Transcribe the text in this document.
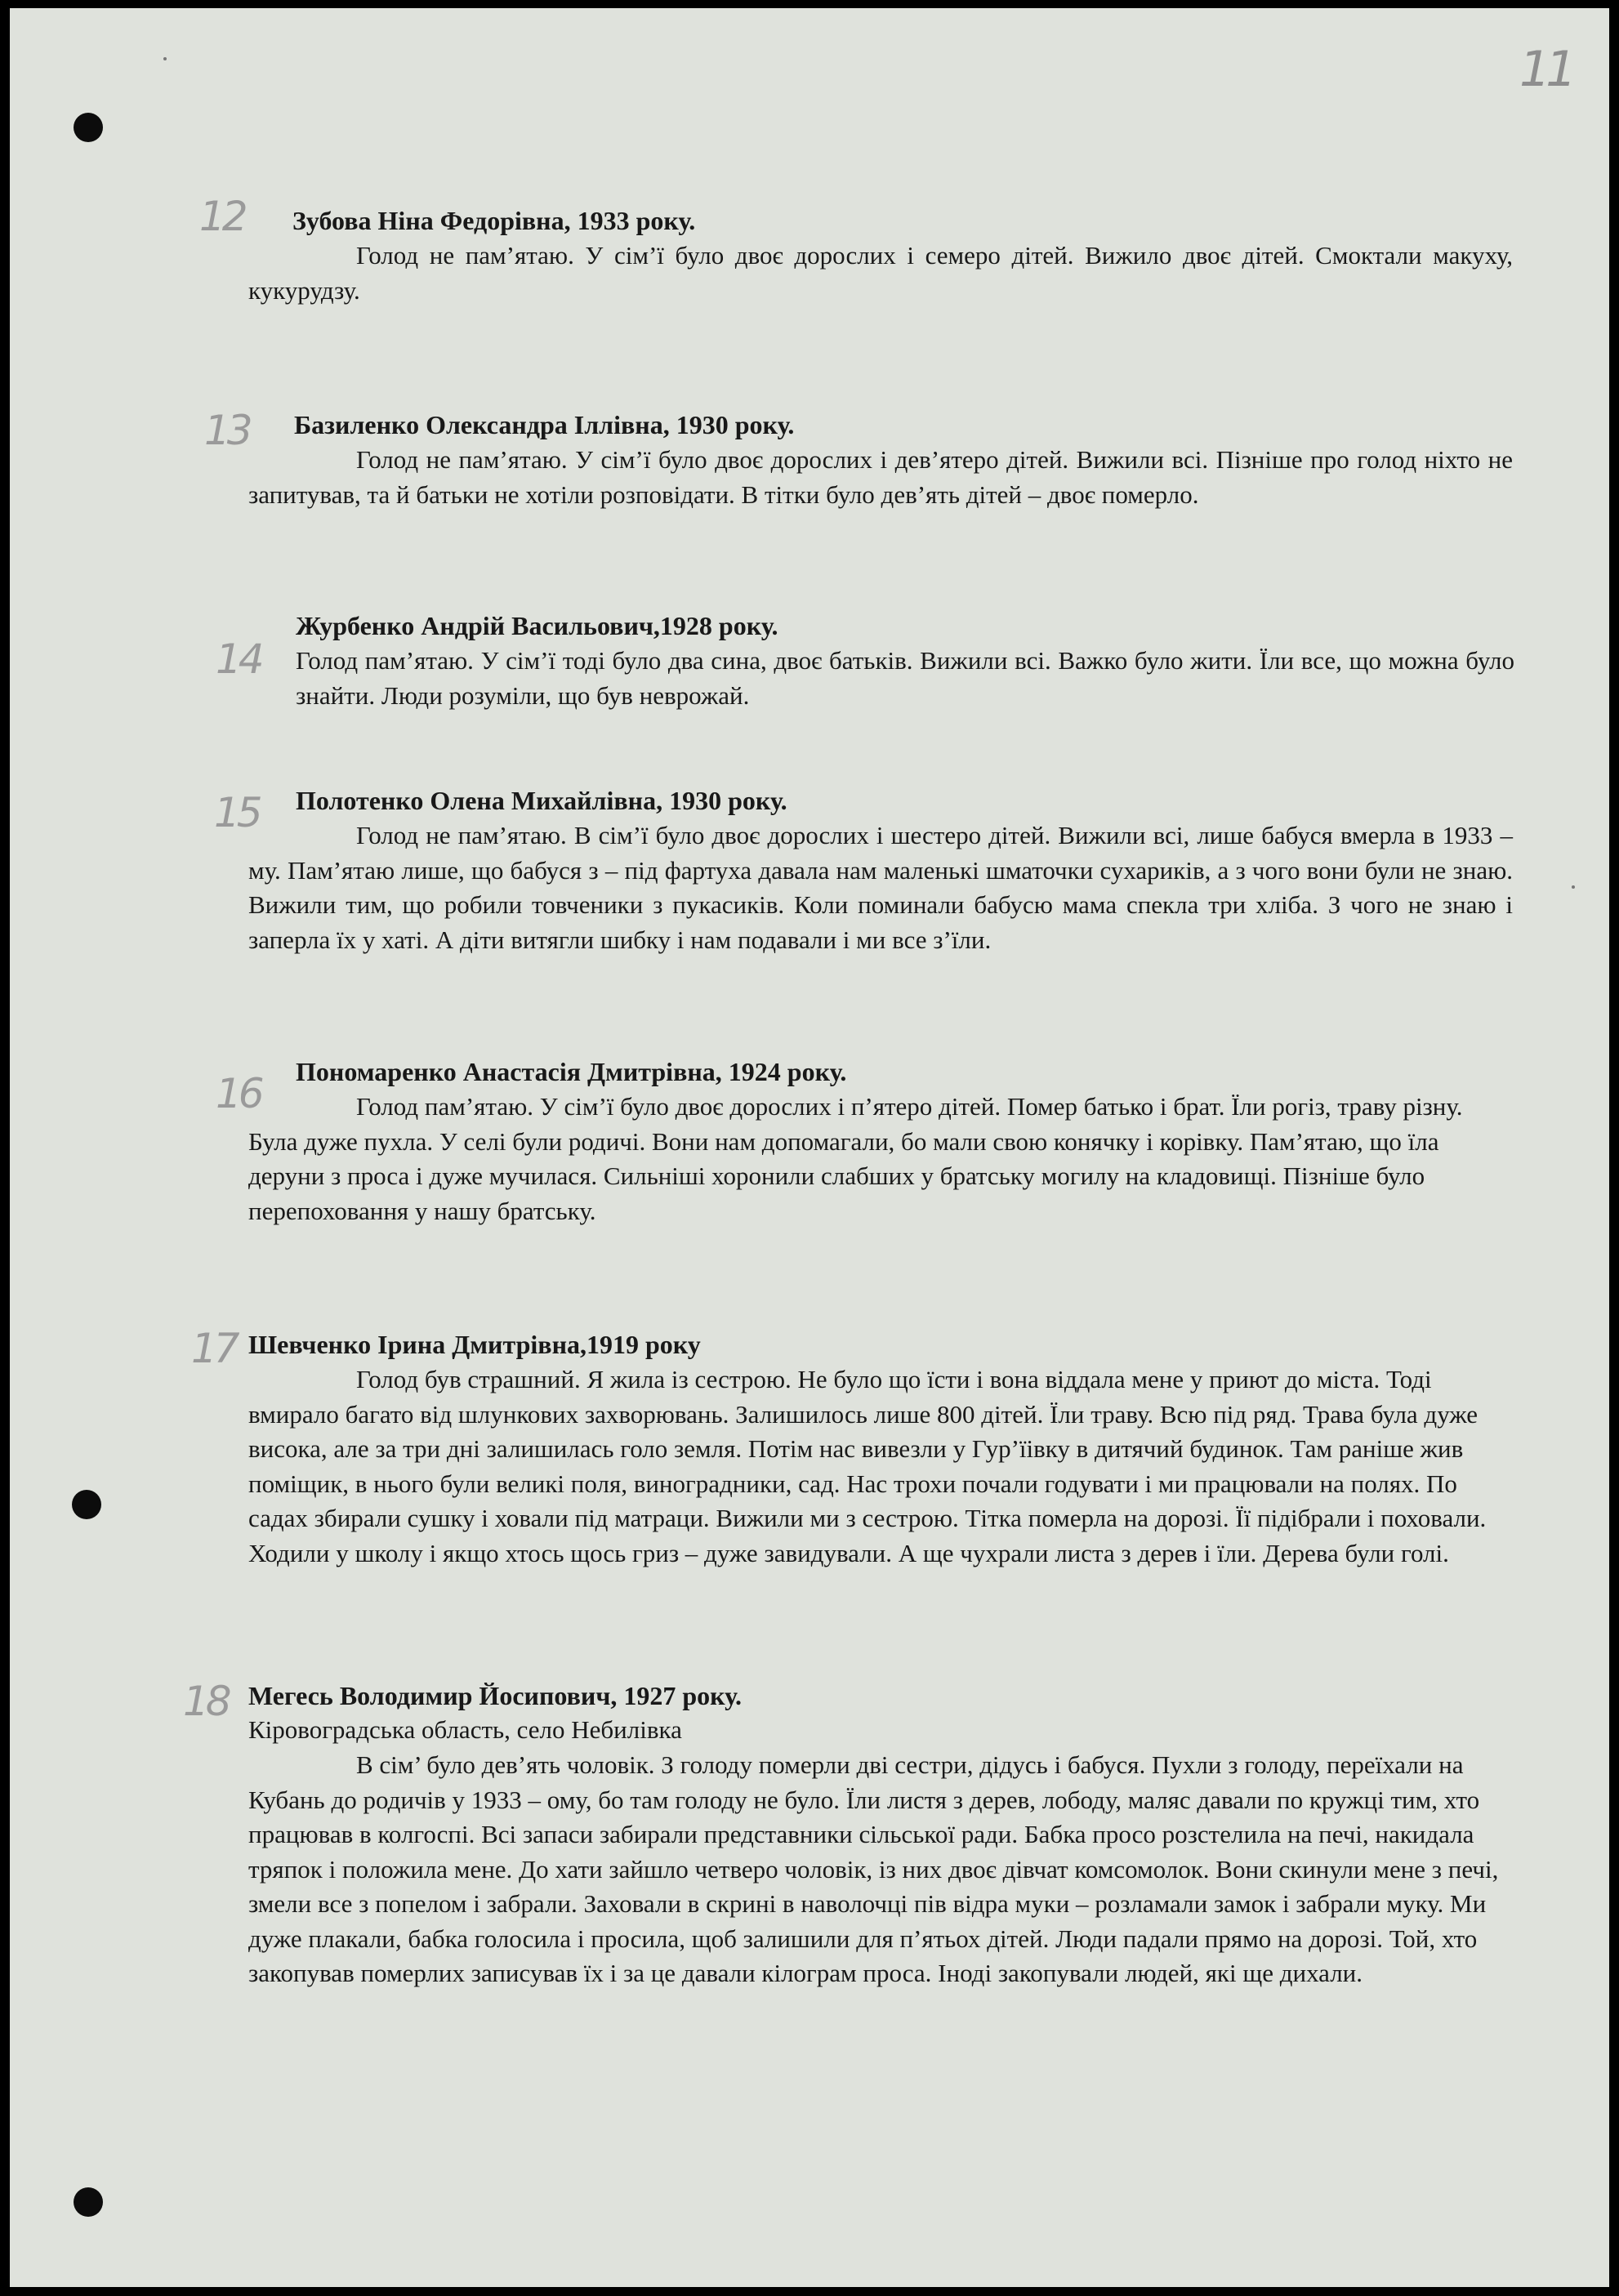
11
12 Зубова Ніна Федорівна, 1933 року.
Голод не пам’ятаю. У сім’ї було двоє дорослих і семеро дітей. Вижило двоє дітей. Смоктали макуху, кукурудзу.
13 Базиленко Олександра Іллівна, 1930 року.
Голод не пам’ятаю. У сім’ї було двоє дорослих і дев’ятеро дітей. Вижили всі. Пізніше про голод ніхто не запитував, та й батьки не хотіли розповідати. В тітки було дев’ять дітей – двоє померло.
14
Журбенко Андрій Васильович,1928 року.
Голод пам’ятаю. У сім’ї тоді було два сина, двоє батьків. Вижили всі. Важко було жити. Їли все, що можна було знайти. Люди розуміли, що був неврожай.
15 Полотенко Олена Михайлівна, 1930 року.
Голод не пам’ятаю. В сім’ї було двоє дорослих і шестеро дітей. Вижили всі, лише бабуся вмерла в 1933 – му. Пам’ятаю лише, що бабуся з – під фартуха давала нам маленькі шматочки сухариків, а з чого вони були не знаю. Вижили тим, що робили товченики з пукасиків. Коли поминали бабусю мама спекла три хліба. З чого не знаю і заперла їх у хаті. А діти витягли шибку і нам подавали і ми все з’їли.
16 Пономаренко Анастасія Дмитрівна, 1924 року.
Голод пам’ятаю. У сім’ї було двоє дорослих і п’ятеро дітей. Помер батько і брат. Їли рогіз, траву різну. Була дуже пухла. У селі були родичі. Вони нам допомагали, бо мали свою конячку і корівку. Пам’ятаю, що їла деруни з проса і дуже мучилася. Сильніші хоронили слабших у братську могилу на кладовищі. Пізніше було перепоховання у нашу братську.
17 Шевченко Ірина Дмитрівна,1919 року
Голод був страшний. Я жила із сестрою. Не було що їсти і вона віддала мене у приют до міста. Тоді вмирало багато від шлункових захворювань. Залишилось лише 800 дітей. Їли траву. Всю під ряд. Трава була дуже висока, але за три дні залишилась голо земля. Потім нас вивезли у Гур’їівку в дитячий будинок. Там раніше жив поміщик, в нього були великі поля, виноградники, сад. Нас трохи почали годувати і ми працювали на полях. По садах збирали сушку і ховали під матраци. Вижили ми з сестрою. Тітка померла на дорозі. Її підібрали і поховали. Ходили у школу і якщо хтось щось гриз – дуже завидували. А ще чухрали листа з дерев і їли. Дерева були голі.
18 Мегесь Володимир Йосипович, 1927 року.
Кіровоградська область, село Небилівка
В сім’ було дев’ять чоловік. З голоду померли дві сестри, дідусь і бабуся. Пухли з голоду, переїхали на Кубань до родичів у 1933 – ому, бо там голоду не було. Їли листя з дерев, лободу, маляс давали по кружці тим, хто працював в колгоспі. Всі запаси забирали представники сільської ради. Бабка просо розстелила на печі, накидала тряпок і положила мене. До хати зайшло четверо чоловік, із них двоє дівчат комсомолок. Вони скинули мене з печі, змели все з попелом і забрали. Заховали в скрині в наволочці пів відра муки – розламали замок і забрали муку. Ми дуже плакали, бабка голосила і просила, щоб залишили для п’ятьох дітей. Люди падали прямо на дорозі. Той, хто закопував померлих записував їх і за це давали кілограм проса. Іноді закопували людей, які ще дихали.
